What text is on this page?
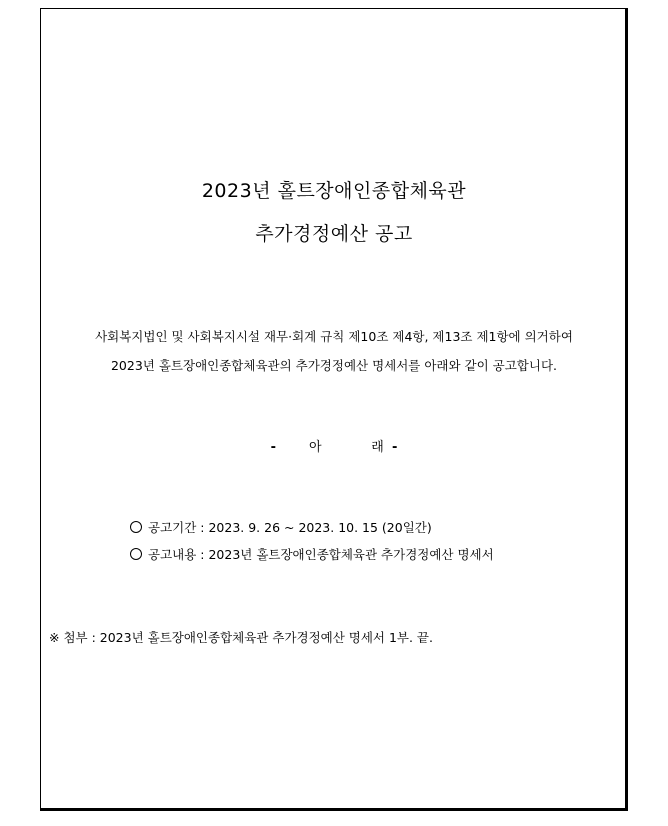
2023년 홀트장애인종합체육관
추가경정예산 공고
사회복지법인 및 사회복지시설 재무·회계 규칙 제10조 제4항, 제13조 제1항에 의거하여
2023년 홀트장애인종합체육관의 추가경정예산 명세서를 아래와 같이 공고합니다.
-	아	래 -
공고기간 : 2023. 9. 26 ~ 2023. 10. 15 (20일간)
공고내용 : 2023년 홀트장애인종합체육관 추가경정예산 명세서
※ 첨부 : 2023년 홀트장애인종합체육관 추가경정예산 명세서 1부. 끝.
